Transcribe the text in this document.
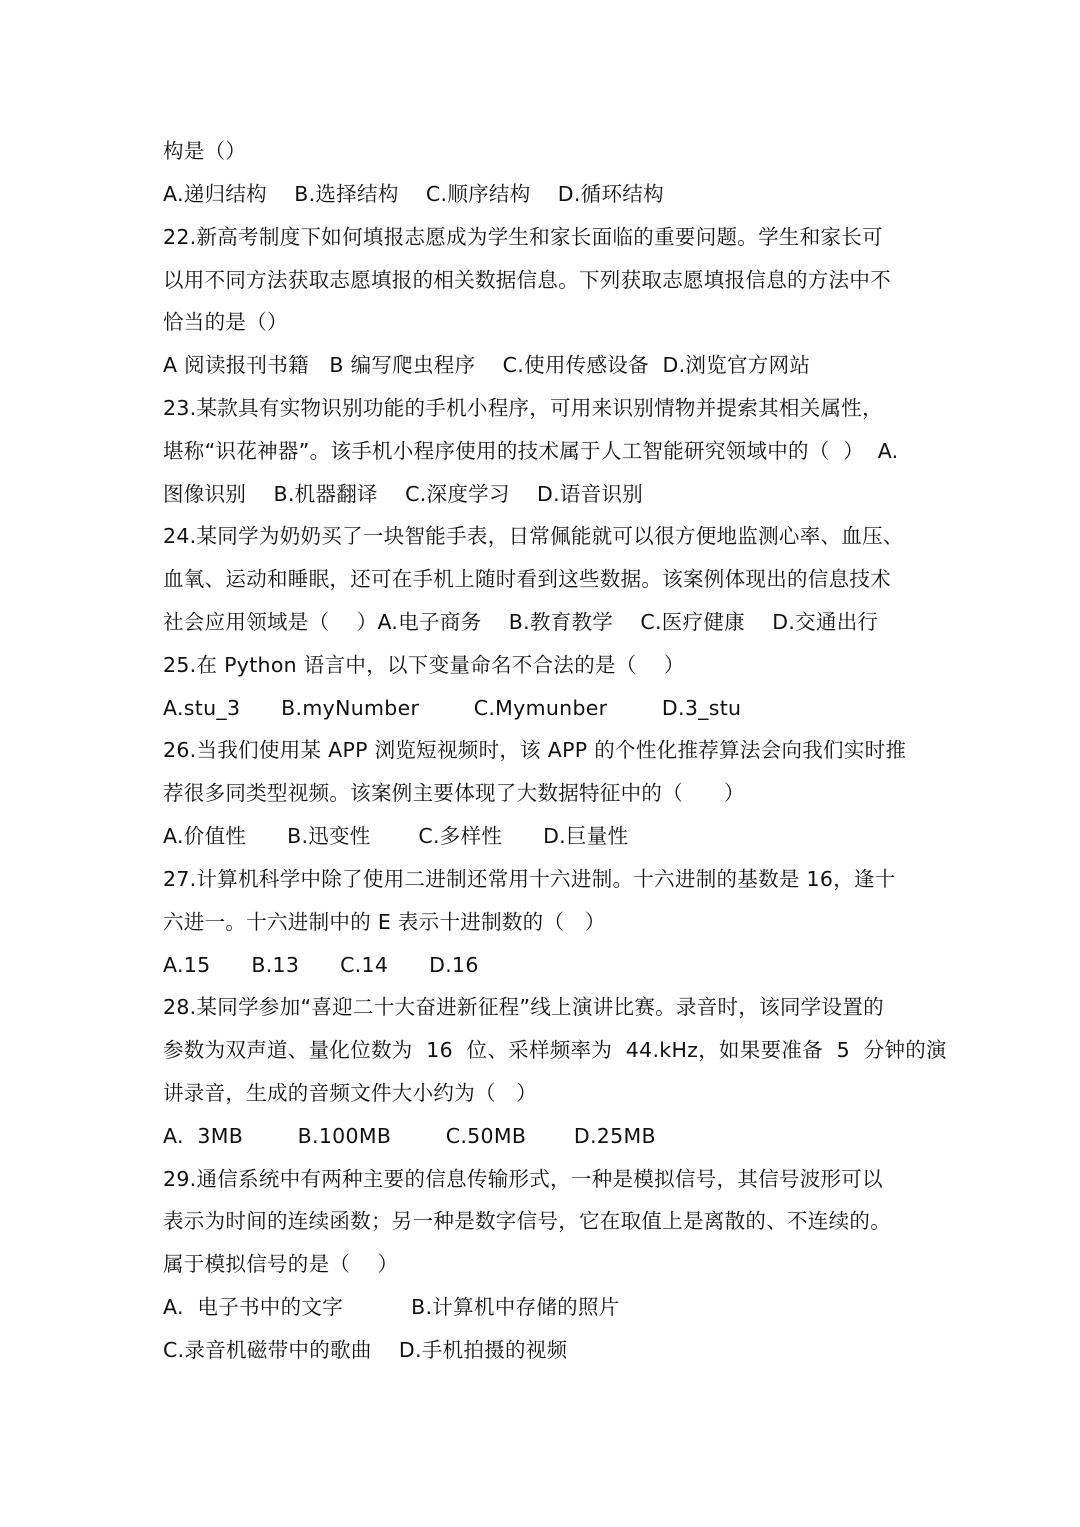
构是（）
A.递归结构    B.选择结构    C.顺序结构    D.循环结构
22.新高考制度下如何填报志愿成为学生和家长面临的重要问题。学生和家长可
以用不同方法获取志愿填报的相关数据信息。下列获取志愿填报信息的方法中不
恰当的是（）
A 阅读报刊书籍   B 编写爬虫程序    C.使用传感设备  D.浏览官方网站
23.某款具有实物识别功能的手机小程序，可用来识别情物并提索其相关属性，
堪称“识花神器”。该手机小程序使用的技术属于人工智能研究领域中的（  ）  A.
图像识别    B.机器翻译    C.深度学习    D.语音识别
24.某同学为奶奶买了一块智能手表，日常佩能就可以很方便地监测心率、血压、
血氧、运动和睡眠，还可在手机上随时看到这些数据。该案例体现出的信息技术
社会应用领域是（    ）A.电子商务    B.教育教学    C.医疗健康    D.交通出行
25.在 Python 语言中，以下变量命名不合法的是（    ）
A.stu_3      B.myNumber        C.Mymunber        D.3_stu
26.当我们使用某 APP 浏览短视频时，该 APP 的个性化推荐算法会向我们实时推
荐很多同类型视频。该案例主要体现了大数据特征中的（      ）
A.价值性      B.迅变性       C.多样性      D.巨量性
27.计算机科学中除了使用二进制还常用十六进制。十六进制的基数是 16，逢十
六进一。十六进制中的 E 表示十进制数的（   ）
A.15      B.13      C.14      D.16
28.某同学参加“喜迎二十大奋进新征程”线上演讲比赛。录音时，该同学设置的
参数为双声道、量化位数为  16  位、采样频率为  44.kHz，如果要准备  5  分钟的演
讲录音，生成的音频文件大小约为（   ）
A.  3MB        B.100MB        C.50MB       D.25MB
29.通信系统中有两种主要的信息传输形式，一种是模拟信号，其信号波形可以
表示为时间的连续函数；另一种是数字信号，它在取值上是离散的、不连续的。
属于模拟信号的是（    ）
A.  电子书中的文字          B.计算机中存储的照片
C.录音机磁带中的歌曲    D.手机拍摄的视频
